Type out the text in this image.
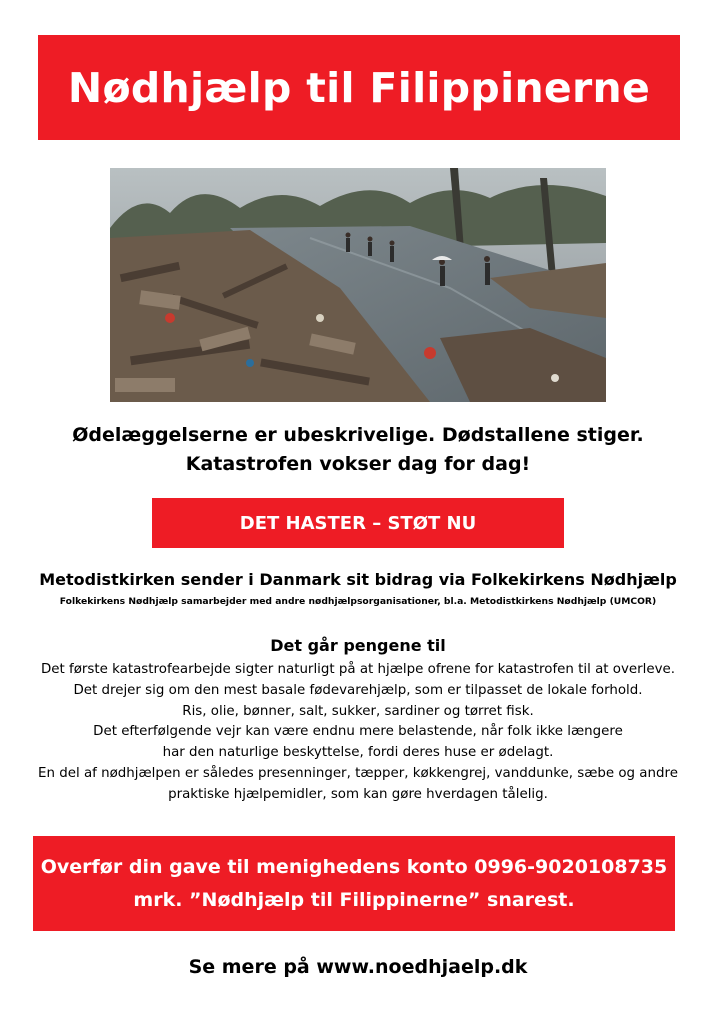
Nødhjælp til Filippinerne
Ødelæggelserne er ubeskrivelige. Dødstallene stiger.
Katastrofen vokser dag for dag!
DET HASTER – STØT NU
Metodistkirken sender i Danmark sit bidrag via Folkekirkens Nødhjælp
Folkekirkens Nødhjælp samarbejder med andre nødhjælpsorganisationer, bl.a. Metodistkirkens Nødhjælp (UMCOR)
Det går pengene til
Det første katastrofearbejde sigter naturligt på at hjælpe ofrene for katastrofen til at overleve.
Det drejer sig om den mest basale fødevarehjælp, som er tilpasset de lokale forhold.
Ris, olie, bønner, salt, sukker, sardiner og tørret fisk.
Det efterfølgende vejr kan være endnu mere belastende, når folk ikke længere
har den naturlige beskyttelse, fordi deres huse er ødelagt.
En del af nødhjælpen er således presenninger, tæpper, køkkengrej, vanddunke, sæbe og andre
praktiske hjælpemidler, som kan gøre hverdagen tålelig.
Overfør din gave til menighedens konto 0996-9020108735
mrk. ”Nødhjælp til Filippinerne” snarest.
Se mere på www.noedhjaelp.dk
